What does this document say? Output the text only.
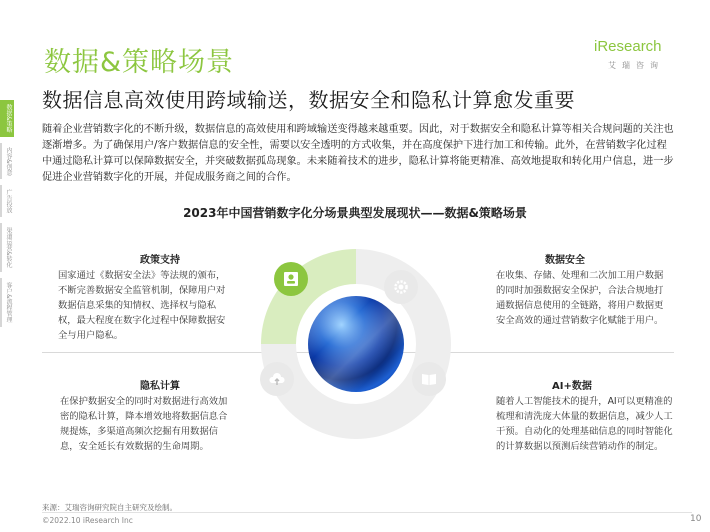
数据&策略
内容&创意
广告投放
渠道运营&转化
客户&流程管理
数据&策略场景
数据信息高效使用跨域输送，数据安全和隐私计算愈发重要
iResearch
艾瑞咨询

随着企业营销数字化的不断升级，数据信息的高效使用和跨域输送变得越来越重要。因此，对于数据安全和隐私计算等相关合规问题的关注也逐渐增多。为了确保用户/客户数据信息的安全性，需要以安全透明的方式收集，并在高度保护下进行加工和传输。此外，在营销数字化过程中通过隐私计算可以保障数据安全，并突破数据孤岛现象。未来随着技术的进步，隐私计算将能更精准、高效地提取和转化用户信息，进一步促进企业营销数字化的开展，并促成服务商之间的合作。

2023年中国营销数字化分场景典型发展现状——数据&策略场景
政策支持
国家通过《数据安全法》等法规的颁布，不断完善数据安全监管机制，保障用户对数据信息采集的知情权、选择权与隐私权，最大程度在数字化过程中保障数据安全与用户隐私。
数据安全
在收集、存储、处理和二次加工用户数据的同时加强数据安全保护，合法合规地打通数据信息使用的全链路，将用户数据更安全高效的通过营销数字化赋能于用户。
隐私计算
在保护数据安全的同时对数据进行高效加密的隐私计算，降本增效地将数据信息合规提炼，多渠道高频次挖掘有用数据信息，安全延长有效数据的生命周期。
AI+数据
随着人工智能技术的提升，AI可以更精准的梳理和清洗庞大体量的数据信息，减少人工干预。自动化的处理基础信息的同时智能化的计算数据以预测后续营销动作的制定。
来源：艾瑞咨询研究院自主研究及绘制。
©2022.10 iResearch Inc	10
